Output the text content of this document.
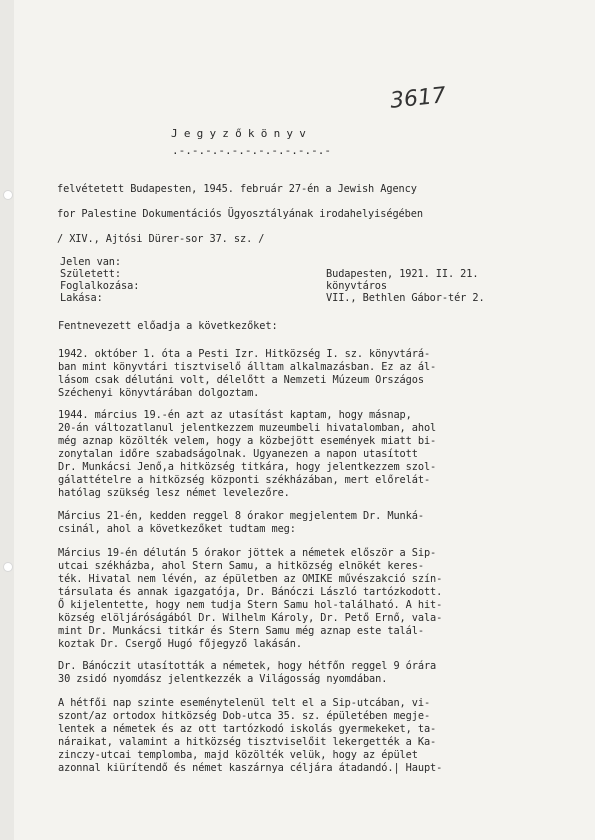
3617
Jegyzőkönyv
.-.-.-.-.-.-.-.-.-.-.-.-
felvétetett Budapesten, 1945. február 27-én a Jewish Agency
for Palestine Dokumentációs Ügyosztályának irodahelyiségében
/ XIV., Ajtósi Dürer-sor 37. sz. /
Jelen van:
Született:	Budapesten, 1921. II. 21.
Foglalkozása:	könyvtáros
Lakása:	VII., Bethlen Gábor-tér 2.
Fentnevezett előadja a következőket:
1942. október 1. óta a Pesti Izr. Hitközség I. sz. könyvtárá-
ban mint könyvtári tisztviselő álltam alkalmazásban. Ez az ál-
lásom csak délutáni volt, délelőtt a Nemzeti Múzeum Országos
Széchenyi könyvtárában dolgoztam.
1944. március 19.-én azt az utasítást kaptam, hogy másnap,
20-án változatlanul jelentkezzem muzeumbeli hivatalomban, ahol
még aznap közölték velem, hogy a közbejött események miatt bi-
zonytalan időre szabadságolnak. Ugyanezen a napon utasított
Dr. Munkácsi Jenő,a hitközség titkára, hogy jelentkezzem szol-
gálattételre a hitközség központi székházában, mert előrelát-
hatólag szükség lesz német levelezőre.
Március 21-én, kedden reggel 8 órakor megjelentem Dr. Munká-
csinál, ahol a következőket tudtam meg:
Március 19-én délután 5 órakor jöttek a németek először a Sip-
utcai székházba, ahol Stern Samu, a hitközség elnökét keres-
ték. Hivatal nem lévén, az épületben az OMIKE művészakció szín-
társulata és annak igazgatója, Dr. Bánóczi László tartózkodott.
Ő kijelentette, hogy nem tudja Stern Samu hol-található. A hit-
község elöljáróságából Dr. Wilhelm Károly, Dr. Pető Ernő, vala-
mint Dr. Munkácsi titkár és Stern Samu még aznap este talál-
koztak Dr. Csergő Hugó főjegyző lakásán.
Dr. Bánóczit utasították a németek, hogy hétfőn reggel 9 órára
30 zsidó nyomdász jelentkezzék a Világosság nyomdában.
A hétfői nap szinte eseménytelenül telt el a Sip-utcában, vi-
szont/az ortodox hitközség Dob-utca 35. sz. épületében megje-
lentek a németek és az ott tartózkodó iskolás gyermekeket, ta-
náraikat, valamint a hitközség tisztviselőit lekergették a Ka-
zinczy-utcai templomba, majd közölték velük, hogy az épület
azonnal kiürítendő és német kaszárnya céljára átadandó.| Haupt-
